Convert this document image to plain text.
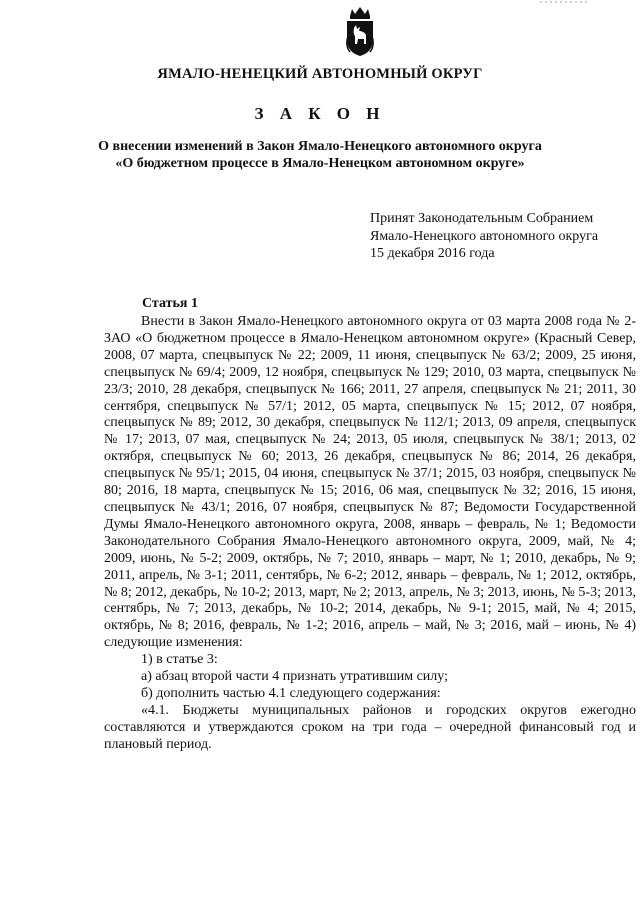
ЯМАЛО-НЕНЕЦКИЙ АВТОНОМНЫЙ ОКРУГ
З А К О Н
О внесении изменений в Закон Ямало-Ненецкого автономного округа
«О бюджетном процессе в Ямало-Ненецком автономном округе»
Принят Законодательным Собранием
Ямало-Ненецкого автономного округа
15 декабря 2016 года
Статья 1

Внести в Закон Ямало-Ненецкого автономного округа от 03 марта 2008 года № 2-ЗАО «О бюджетном процессе в Ямало-Ненецком автономном округе» (Красный Север, 2008, 07 марта, спецвыпуск № 22; 2009, 11 июня, спецвыпуск № 63/2; 2009, 25 июня, спецвыпуск № 69/4; 2009, 12 ноября, спецвыпуск № 129; 2010, 03 марта, спецвыпуск № 23/3; 2010, 28 декабря, спецвыпуск № 166; 2011, 27 апреля, спецвыпуск № 21; 2011, 30 сентября, спецвыпуск № 57/1; 2012, 05 марта, спецвыпуск № 15; 2012, 07 ноября, спецвыпуск № 89; 2012, 30 декабря, спецвыпуск № 112/1; 2013, 09 апреля, спецвыпуск № 17; 2013, 07 мая, спецвыпуск № 24; 2013, 05 июля, спецвыпуск № 38/1; 2013, 02 октября, спецвыпуск № 60; 2013, 26 декабря, спецвыпуск № 86; 2014, 26 декабря, спецвыпуск № 95/1; 2015, 04 июня, спецвыпуск № 37/1; 2015, 03 ноября, спецвыпуск № 80; 2016, 18 марта, спецвыпуск № 15; 2016, 06 мая, спецвыпуск № 32; 2016, 15 июня, спецвыпуск № 43/1; 2016, 07 ноября, спецвыпуск № 87; Ведомости Государственной Думы Ямало-Ненецкого автономного округа, 2008, январь – февраль, № 1; Ведомости Законодательного Собрания Ямало-Ненецкого автономного округа, 2009, май, № 4; 2009, июнь, № 5-2; 2009, октябрь, № 7; 2010, январь – март, № 1; 2010, декабрь, № 9; 2011, апрель, № 3-1; 2011, сентябрь, № 6-2; 2012, январь – февраль, № 1; 2012, октябрь, № 8; 2012, декабрь, № 10-2; 2013, март, № 2; 2013, апрель, № 3; 2013, июнь, № 5-3; 2013, сентябрь, № 7; 2013, декабрь, № 10-2; 2014, декабрь, № 9-1; 2015, май, № 4; 2015, октябрь, № 8; 2016, февраль, № 1-2; 2016, апрель – май, № 3; 2016, май – июнь, № 4) следующие изменения:

1) в статье 3:

а) абзац второй части 4 признать утратившим силу;

б) дополнить частью 4.1 следующего содержания:

«4.1. Бюджеты муниципальных районов и городских округов ежегодно составляются и утверждаются сроком на три года – очередной финансовый год и плановый период.
